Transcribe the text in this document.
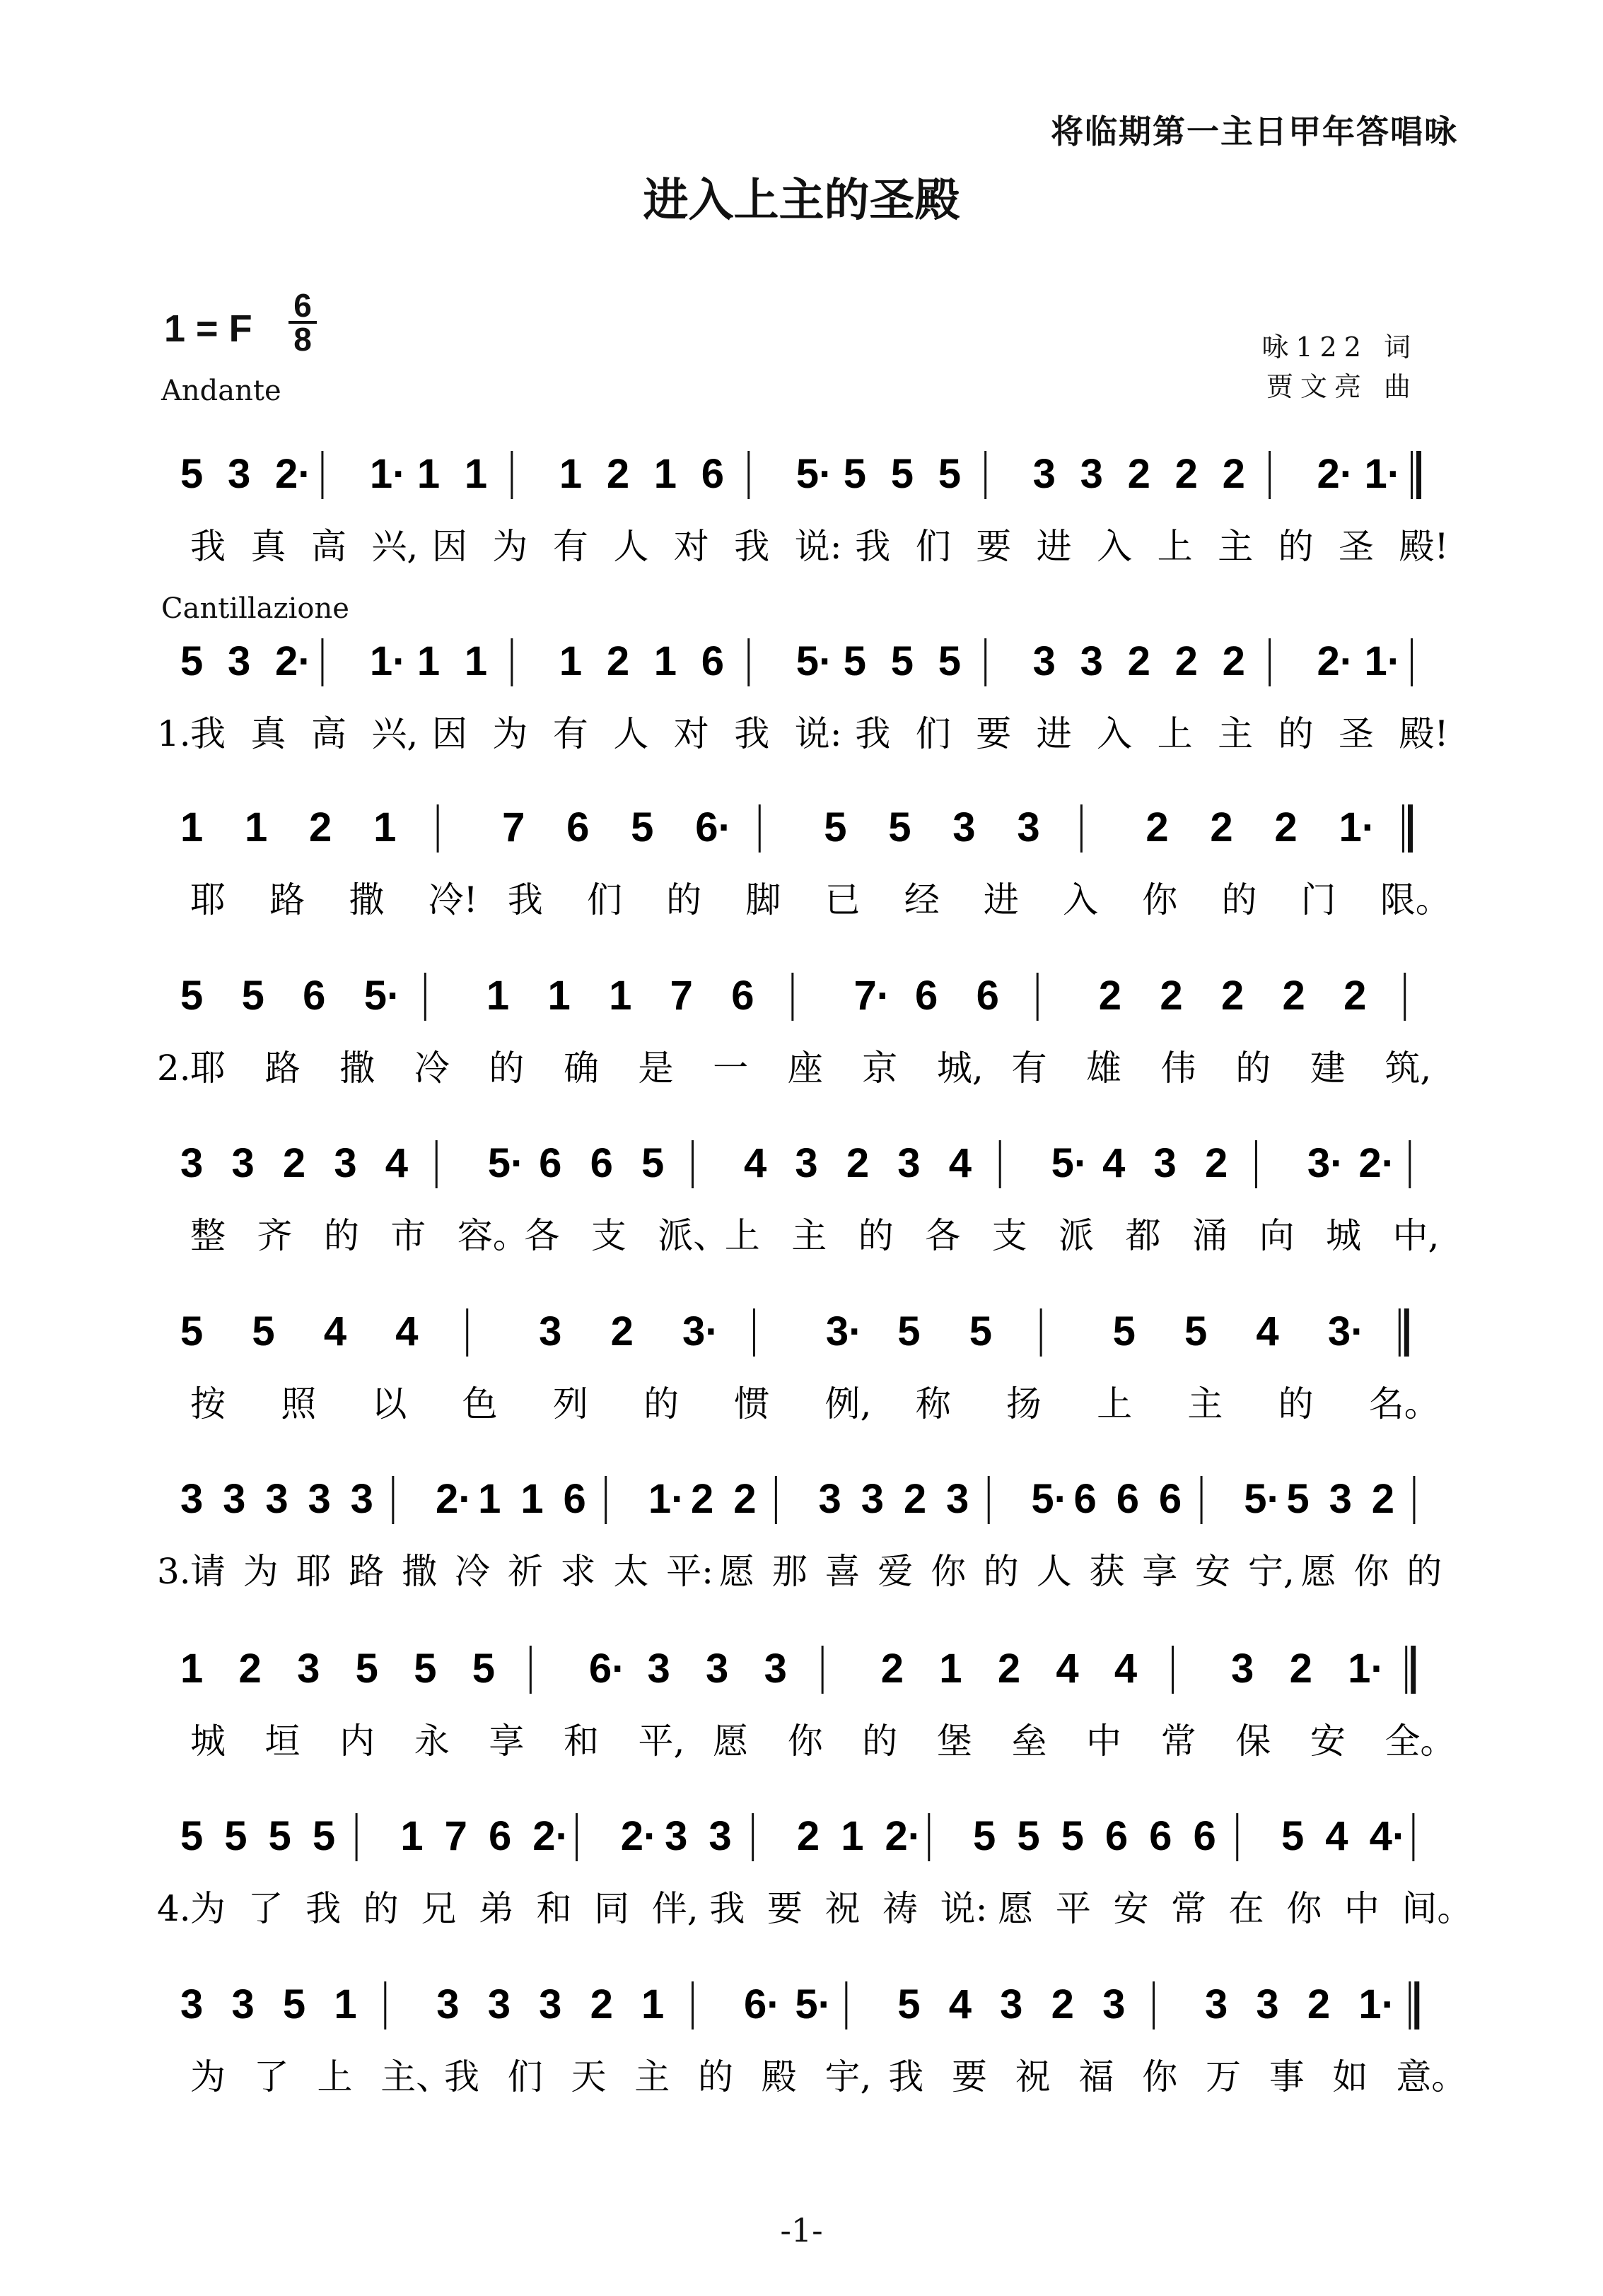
将临期第一主日甲年答唱咏
进入上主的圣殿
1 = F
6
8
Andante
咏122 词
贾文亮 曲
Cantillazione
5 3 2· 1· 1 1 1 2 1 6 5· 5 5 5 3 3 2 2 2 2· 1·
我 真 高 兴, 因 为 有 人 对 我 说: 我 们 要 进 入 上 主 的 圣 殿!
5 3 2· 1· 1 1 1 2 1 6 5· 5 5 5 3 3 2 2 2 2· 1·
1. 我 真 高 兴, 因 为 有 人 对 我 说: 我 们 要 进 入 上 主 的 圣 殿!
1 1 2 1	7 6 5 6· 5 5 3 3	2 2 2 1·
耶 路 撒 冷! 我 们 的 脚 已 经 进 入 你 的 门 限。
5 5 6 5· 1 1 1 7 6 7· 6 6 2 2 2 2 2
2. 耶 路 撒 冷 的 确 是 一 座 京 城, 有 雄 伟 的 建 筑,
3 3 2 3 4 5· 6 6 5 4 3 2 3 4 5· 4 3 2 3· 2·
整 齐 的 市 容。
各 支 派、
上 主 的 各 支 派 都 涌 向 城 中,
5 5 4 4	3 2 3·	3· 5 5	5 5 4 3·
按 照 以 色 列 的 惯 例, 称 扬 上 主 的 名。
3 3 3 3 3 2· 1 1 6 1· 2 2 3 3 2 3 5· 6 6 6 5· 5 3 2
3. 请 为 耶 路 撒 冷 祈 求 太 平: 愿 那 喜 爱 你 的 人 获 享 安 宁, 愿 你 的
1 2 3 5 5 5 6· 3 3 3 2 1 2 4 4 3 2 1·
城 垣 内 永 享 和 平, 愿 你 的 堡 垒 中 常 保 安 全。
5 5 5 5 1 7 6 2· 2· 3 3 2 1 2· 5 5 5 6 6 6 5 4 4·
4. 为 了 我 的 兄 弟 和 同 伴, 我 要 祝 祷 说: 愿 平 安 常 在 你 中 间。
3 3 5 1 3 3 3 2 1 6· 5· 5 4 3 2 3 3 3 2 1·
为 了 上 主、
我 们 天 主 的 殿 宇, 我 要 祝 福 你 万 事 如 意。
-1-
